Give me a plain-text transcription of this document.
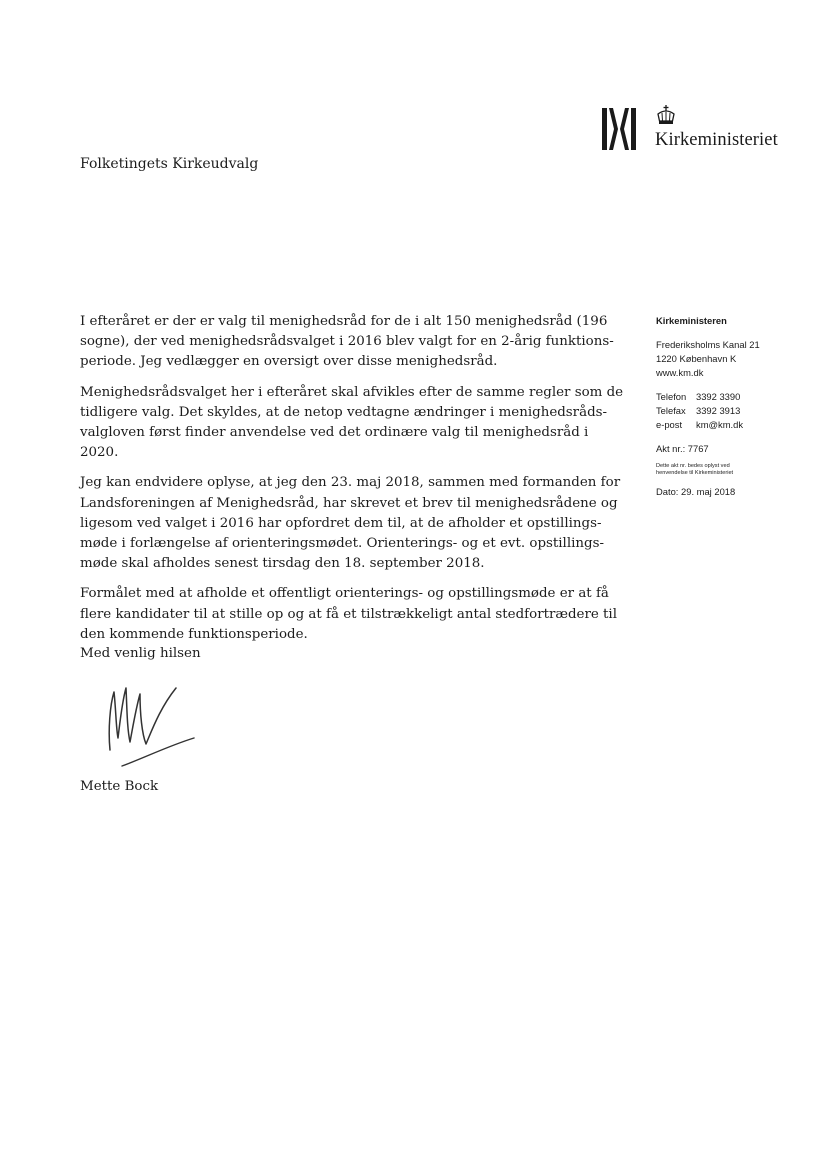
Kirkeministeriet
Folketingets Kirkeudvalg

I efteråret er der er valg til menighedsråd for de i alt 150 menighedsråd (196
sogne), der ved menighedsrådsvalget i 2016 blev valgt for en 2-årig funktions-
periode. Jeg vedlægger en oversigt over disse menighedsråd.

Menighedsrådsvalget her i efteråret skal afvikles efter de samme regler som de
tidligere valg. Det skyldes, at de netop vedtagne ændringer i menighedsråds-
valgloven først finder anvendelse ved det ordinære valg til menighedsråd i
2020.

Jeg kan endvidere oplyse, at jeg den 23. maj 2018, sammen med formanden for
Landsforeningen af Menighedsråd, har skrevet et brev til menighedsrådene og
ligesom ved valget i 2016 har opfordret dem til, at de afholder et opstillings-
møde i forlængelse af orienteringsmødet. Orienterings- og et evt. opstillings-
møde skal afholdes senest tirsdag den 18. september 2018.

Formålet med at afholde et offentligt orienterings- og opstillingsmøde er at få
flere kandidater til at stille op og at få et tilstrækkeligt antal stedfortrædere til
den kommende funktionsperiode.

Med venlig hilsen
Mette Bock
Kirkeministeren
Frederiksholms Kanal 21
1220 København K
www.km.dk
Telefon 3392 3390
Telefax 3392 3913
e-post km@km.dk
Akt nr.: 7767
Dette akt nr. bedes oplyst ved
henvendelse til Kirkeministeriet
Dato: 29. maj 2018
